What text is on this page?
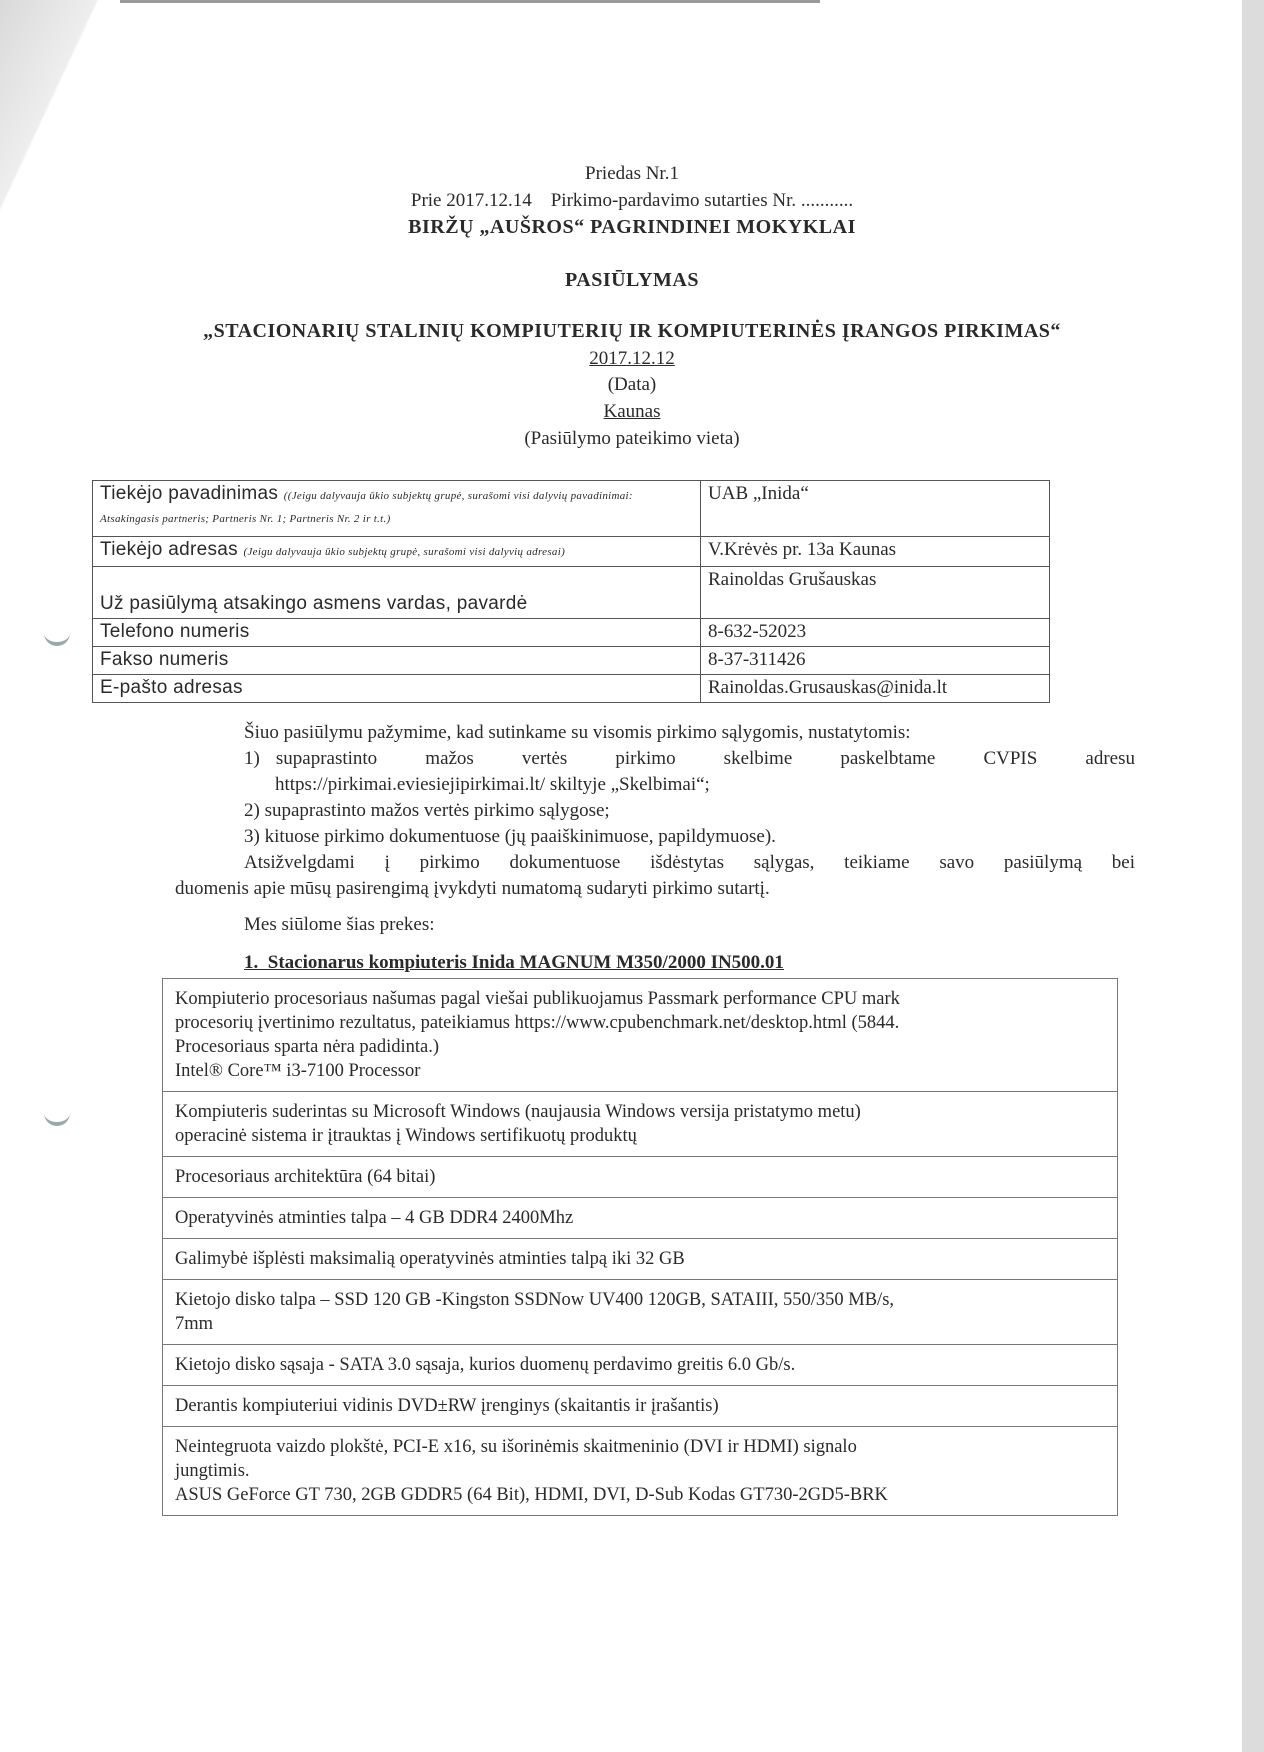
Priedas Nr.1
Prie 2017.12.14    Pirkimo-pardavimo sutarties Nr. ...........
BIRŽŲ „AUŠROS“ PAGRINDINEI MOKYKLAI
PASIŪLYMAS
„STACIONARIŲ STALINIŲ KOMPIUTERIŲ IR KOMPIUTERINĖS ĮRANGOS PIRKIMAS“
2017.12.12
(Data)
Kaunas
(Pasiūlymo pateikimo vieta)
Tiekėjo pavadinimas ((Jeigu dalyvauja ūkio subjektų grupė, surašomi visi dalyvių pavadinimai: Atsakingasis partneris; Partneris Nr. 1; Partneris Nr. 2 ir t.t.)	UAB „Inida“
Tiekėjo adresas (Jeigu dalyvauja ūkio subjektų grupė, surašomi visi dalyvių adresai)	V.Krėvės pr. 13a Kaunas
Už pasiūlymą atsakingo asmens vardas, pavardė	Rainoldas Grušauskas
Telefono numeris	8-632-52023
Fakso numeris	8-37-311426
E-pašto adresas	Rainoldas.Grusauskas@inida.lt
Šiuo pasiūlymu pažymime, kad sutinkame su visomis pirkimo sąlygomis, nustatytomis:
1) supaprastinto   mažos   vertės   pirkimo   skelbime   paskelbtame   CVPIS   adresu
https://pirkimai.eviesiejipirkimai.lt/ skiltyje „Skelbimai“;
2) supaprastinto mažos vertės pirkimo sąlygose;
3) kituose pirkimo dokumentuose (jų paaiškinimuose, papildymuose).
Atsižvelgdami į pirkimo dokumentuose išdėstytas sąlygas, teikiame savo pasiūlymą bei
duomenis apie mūsų pasirengimą įvykdyti numatomą sudaryti pirkimo sutartį.
Mes siūlome šias prekes:
1.  Stacionarus kompiuteris Inida MAGNUM M350/2000 IN500.01
Kompiuterio procesoriaus našumas pagal viešai publikuojamus Passmark performance CPU mark
procesorių įvertinimo rezultatus, pateikiamus https://www.cpubenchmark.net/desktop.html (5844.
Procesoriaus sparta nėra padidinta.)
Intel® Core™ i3-7100 Processor

Kompiuteris suderintas su Microsoft Windows (naujausia Windows versija pristatymo metu)
operacinė sistema ir įtrauktas į Windows sertifikuotų produktų

Procesoriaus architektūra (64 bitai)

Operatyvinės atminties talpa – 4 GB DDR4 2400Mhz

Galimybė išplėsti maksimalią operatyvinės atminties talpą iki 32 GB

Kietojo disko talpa – SSD 120 GB -Kingston SSDNow UV400 120GB, SATAIII, 550/350 MB/s,
7mm

Kietojo disko sąsaja - SATA 3.0 sąsaja, kurios duomenų perdavimo greitis 6.0 Gb/s.

Derantis kompiuteriui vidinis DVD±RW įrenginys (skaitantis ir įrašantis)

Neintegruota vaizdo plokštė, PCI-E x16, su išorinėmis skaitmeninio (DVI ir HDMI) signalo
jungtimis.
ASUS GeForce GT 730, 2GB GDDR5 (64 Bit), HDMI, DVI, D-Sub Kodas GT730-2GD5-BRK
